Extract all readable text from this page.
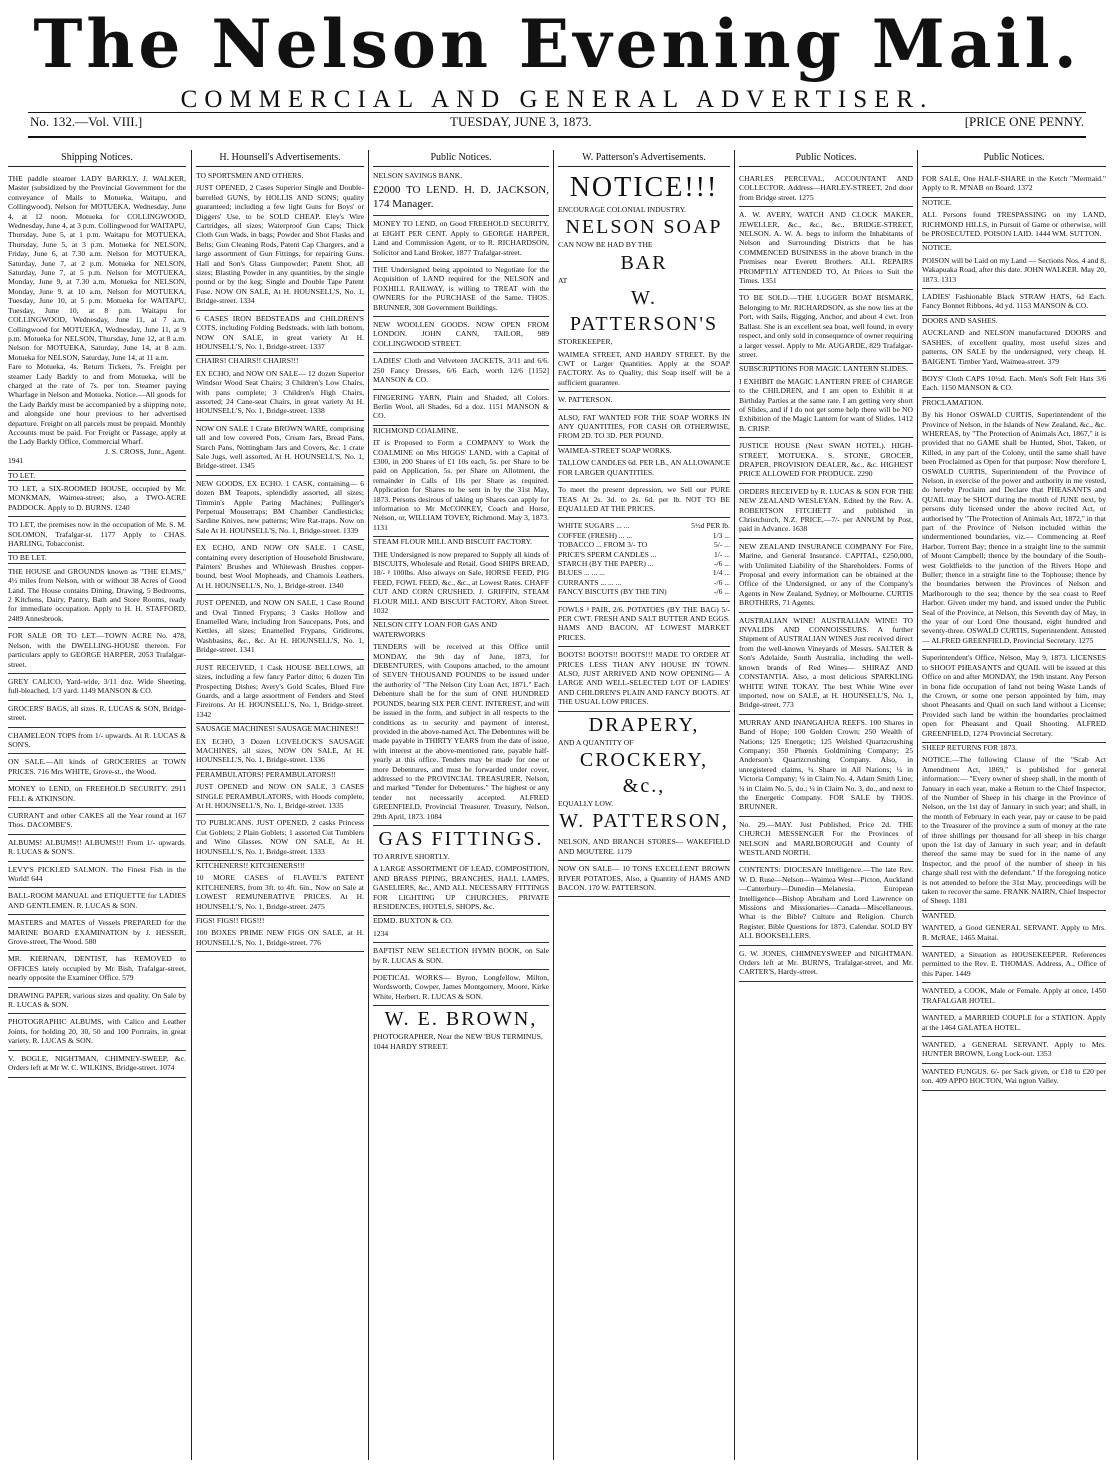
The Nelson Evening Mail.
COMMERCIAL AND GENERAL ADVERTISER.
No. 132.—Vol. VIII.]	TUESDAY, JUNE 3, 1873.	[PRICE ONE PENNY.
Shipping Notices.

THE paddle steamer LADY BARKLY, J. WALKER, Master (subsidized by the Provincial Government for the conveyance of Mails to Motueka, Waitapu, and Collingwood), Nelson for MOTUEKA, Wednesday, June 4, at 12 noon. Motueka for COLLINGWOOD, Wednesday, June 4, at 3 p.m. Collingwood for WAITAPU, Thursday, June 5, at 1 p.m. Waitapu for MOTUEKA, Thursday, June 5, at 3 p.m. Motueka for NELSON, Friday, June 6, at 7.30 a.m. Nelson for MOTUEKA, Saturday, June 7, at 2 p.m. Motueka for NELSON, Saturday, June 7, at 5 p.m. Nelson for MOTUEKA, Monday, June 9, at 7.30 a.m. Motueka for NELSON, Monday, June 9, at 10 a.m. Nelson for MOTUEKA, Tuesday, June 10, at 5 p.m. Motueka for WAITAPU, Tuesday, June 10, at 8 p.m. Waitapu for COLLINGWOOD, Wednesday, June 11, at 7 a.m. Collingwood for MOTUEKA, Wednesday, June 11, at 9 p.m. Motueka for NELSON, Thursday, June 12, at 8 a.m. Nelson for MOTUEKA, Saturday, June 14, at 8 a.m. Motueka for NELSON, Saturday, June 14, at 11 a.m.

Fare to Motueka, 4s. Return Tickets, 7s. Freight per steamer Lady Barkly to and from Motueka, will be charged at the rate of 7s. per ton. Steamer paying Wharfage in Nelson and Motueka. Notice.—All goods for the Lady Barkly must be accompanied by a shipping note, and alongside one hour previous to her advertised departure. Freight on all parcels must be prepaid. Monthly Accounts must be paid. For Freight or Passage, apply at the Lady Barkly Office, Commercial Wharf.

J. S. CROSS, Junr., Agent.

1941

TO LET.
TO LET, a SIX-ROOMED HOUSE, occupied by Mr. MONKMAN, Waimea-street; also, a TWO-ACRE PADDOCK. Apply to D. BURNS. 1240
TO LET, the premises now in the occupation of Mr. S. M. SOLOMON, Trafalgar-st. 1177 Apply to CHAS. HARLING, Tobacconist.
TO BE LET.
THE HOUSE and GROUNDS known as "THE ELMS," 4½ miles from Nelson, with or without 38 Acres of Good Land. The House contains Dining, Drawing, 5 Bedrooms, 2 Kitchens, Dairy, Pantry, Bath and Store Rooms, ready for immediate occupation. Apply to H. H. STAFFORD, 2489 Annesbrook.
FOR SALE OR TO LET.—TOWN ACRE No. 478, Nelson, with the DWELLING-HOUSE thereon. For particulars apply to GEORGE HARPER, 2053 Trafalgar-street.
GREY CALICO, Yard-wide, 3/11 doz. Wide Sheeting, full-bleached, 1/3 yard. 1149 MANSON & CO.
GROCERS' BAGS, all sizes. R. LUCAS & SON, Bridge-street.
CHAMELEON TOPS from 1/- upwards. At R. LUCAS & SON'S.
ON SALE.—All kinds of GROCERIES at TOWN PRICES. 716 Mrs WHITE, Grove-st., the Wood.
MONEY to LEND, on FREEHOLD SECURITY. 2911 FELL & ATKINSON.
CURRANT and other CAKES all the Year round at 167 Thos. DACOMBE'S.
ALBUMS! ALBUMS!! ALBUMS!!! From 1/- upwards. R. LUCAS & SON'S.
LEVY'S PICKLED SALMON. The Finest Fish in the World! 644
BALL-ROOM MANUAL and ETIQUETTE for LADIES AND GENTLEMEN. R. LUCAS & SON.
MASTERS and MATES of Vessels PREPARED for the MARINE BOARD EXAMINATION by J. HESSER, Grove-street, The Wood. 580
MR. KIERNAN, DENTIST, has REMOVED to OFFICES lately occupied by Mr Bish, Trafalgar-street, nearly opposite the Examiner Office. 579
DRAWING PAPER, various sizes and quality. On Sale by R. LUCAS & SON.
PHOTOGRAPHIC ALBUMS, with Calico and Leather Joints, for holding 20, 30, 50 and 100 Portraits, in great variety. R. LUCAS & SON.
V. BOGLE, NIGHTMAN, CHIMNEY-SWEEP, &c. Orders left at Mr W. C. WILKINS, Bridge-street. 1074
H. Hounsell's Advertisements.
TO SPORTSMEN AND OTHERS.
JUST OPENED, 2 Cases Superior Single and Double-barrelled GUNS, by HOLLIS AND SONS; quality guaranteed; including a few light Guns for Boys' or Diggers' Use, to be SOLD CHEAP. Eley's Wire Cartridges, all sizes; Waterproof Gun Caps; Thick Cloth Gun Wads, in bags; Powder and Shot Flasks and Belts; Gun Cleaning Rods, Patent Cap Chargers, and a large assortment of Gun Fittings, for repairing Guns. Hall and Son's Glass Gunpowder; Patent Shot, all sizes; Blasting Powder in any quantities, by the single pound or by the keg; Single and Double Tape Patent Fuse. NOW ON SALE, At H. HOUNSELL'S, No. 1, Bridge-street. 1334
6 CASES IRON BEDSTEADS and CHILDREN'S COTS, including Folding Bedsteads, with lath bottom, NOW ON SALE, in great variety At H. HOUNSELL'S, No. 1, Bridge-street. 1337
CHAIRS! CHAIRS!! CHAIRS!!!
EX ECHO, and NOW ON SALE— 12 dozen Superior Windsor Wood Seat Chairs; 3 Children's Low Chairs, with pans complete; 3 Children's High Chairs, assorted; 24 Cane-seat Chairs, in great variety At H. HOUNSELL'S, No. 1, Bridge-street. 1338
NOW ON SALE 1 Crate BROWN WARE, comprising tall and low covered Pots, Cream Jars, Bread Pans, Starch Pans, Nottingham Jars and Covers, &c. 1 crate Sale Jugs, well assorted, At H. HOUNSELL'S, No. 1, Bridge-street. 1345
NEW GOODS, EX ECHO. 1 CASK, containing— 6 dozen BM Teapots, splendidly assorted, all sizes; Timmin's Apple Paring Machines; Pullinger's Perpetual Mousetraps; BM Chamber Candlesticks; Sardine Knives, new patterns; Wire Rat-traps. Now on Sale At H. HOUNSELL'S, No. 1, Bridge-street. 1339
EX ECHO, AND NOW ON SALE. 1 CASE, containing every description of Household Brushware, Painters' Brushes and Whitewash Brushes copper-bound, best Wool Mopheads, and Chamois Leathers. At H. HOUNSELL'S, No. 1, Bridge-street. 1340
JUST OPENED, and NOW ON SALE, 1 Case Round and Oval Tinned Frypans; 3 Casks Hollow and Enamelled Ware, including Iron Saucepans, Pots, and Kettles, all sizes; Enamelled Frypans, Gridirons, Washbasins, &c., &c. At H. HOUNSELL'S, No. 1, Bridge-street. 1341
JUST RECEIVED, 1 Cask HOUSE BELLOWS, all sizes, including a few fancy Parlor ditto; 6 dozen Tin Prospecting Dishes; Avery's Gold Scales, Blued Fire Guards, and a large assortment of Fenders and Steel Fireirons. At H. HOUNSELL'S, No. 1, Bridge-street. 1342
SAUSAGE MACHINES! SAUSAGE MACHINES!!
EX ECHO, 3 Dozen LOVELOCK'S SAUSAGE MACHINES, all sizes, NOW ON SALE, At H. HOUNSELL'S, No. 1, Bridge-street. 1336
PERAMBULATORS! PERAMBULATORS!!
JUST OPENED and NOW ON SALE, 3 CASES SINGLE PERAMBULATORS, with Hoods complete, At H. HOUNSELL'S, No. 1, Bridge-street. 1335
TO PUBLICANS. JUST OPENED, 2 casks Princess Cut Goblets; 2 Plain Goblets; 1 assorted Cut Tumblers and Wine Glasses. NOW ON SALE, At H. HOUNSELL'S, No. 1, Bridge-street. 1333
KITCHENERS!! KITCHENERS!!!
10 MORE CASES of FLAVEL'S PATENT KITCHENERS, from 3ft. to 4ft. 6in., Now on Sale at LOWEST REMUNERATIVE PRICES. At H. HOUNSELL'S, No. 1, Bridge-street. 2475
FIGS! FIGS!! FIGS!!!
100 BOXES PRIME NEW FIGS ON SALE, at H. HOUNSELL'S, No. 1, Bridge-street. 776
Public Notices.
NELSON SAVINGS BANK.
£2000 TO LEND. H. D. JACKSON, 174 Manager.
MONEY TO LEND, on Good FREEHOLD SECURITY, at EIGHT PER CENT. Apply to GEORGE HARPER, Land and Commission Agent, or to R. RICHARDSON, Solicitor and Land Broker, 1877 Trafalgar-street.
THE Undersigned being appointed to Negotiate for the Acquisition of LAND required for the NELSON and FOXHILL RAILWAY, is willing to TREAT with the OWNERS for the PURCHASE of the Same. THOS. BRUNNER, 308 Government Buildings.
NEW WOOLLEN GOODS. NOW OPEN FROM LONDON. JOHN CANN, TAILOR, 989 COLLINGWOOD STREET.
LADIES' Cloth and Velveteen JACKETS, 3/11 and 6/6. 250 Fancy Dresses, 6/6 Each, worth 12/6 [1152] MANSON & CO.
FINGERING YARN, Plain and Shaded, all Colors. Berlin Wool, all Shades, 6d a doz. 1151 MANSON & CO.
RICHMOND COALMINE.
IT is Proposed to Form a COMPANY to Work the COALMINE on Mrs HIGGS' LAND, with a Capital of £300, in 200 Shares of £1 10s each, 5s. per Share to be paid on Application, 5s. per Share on Allotment, the remainder in Calls of 10s per Share as required. Application for Shares to be sent in by the 31st May, 1873. Persons desirous of taking up Shares can apply for information to Mr McCONKEY, Coach and Horse, Nelson, or, WILLIAM TOVEY, Richmond. May 3, 1873. 1131
STEAM FLOUR MILL AND BISCUIT FACTORY.
THE Undersigned is now prepared to Supply all kinds of BISCUITS, Wholesale and Retail. Good SHIPS BREAD, 18/- ᵖ 100lbs. Also always on Sale, HORSE FEED, PIG FEED, FOWL FEED, &c., &c., at Lowest Rates. CHAFF CUT AND CORN CRUSHED. J. GRIFFIN, STEAM FLOUR MILL AND BISCUIT FACTORY, Alton Street. 1032
NELSON CITY LOAN FOR GAS AND WATERWORKS
TENDERS will be received at this Office until MONDAY, the 9th day of June, 1873, for DEBENTURES, with Coupons attached, to the amount of SEVEN THOUSAND POUNDS to be issued under the authority of "The Nelson City Loan Act, 1871." Each Debenture shall be for the sum of ONE HUNDRED POUNDS, bearing SIX PER CENT. INTEREST, and will be issued in the form, and subject in all respects to the conditions as to security and payment of interest, provided in the above-named Act. The Debentures will be made payable in THIRTY YEARS from the date of issue, with interest at the above-mentioned rate, payable half-yearly at this office. Tenders may be made for one or more Debentures, and must be forwarded under cover, addressed to the PROVINCIAL TREASURER, Nelson, and marked "Tender for Debentures." The highest or any tender not necessarily accepted. ALFRED GREENFIELD, Provincial Treasurer. Treasury, Nelson, 29th April, 1873. 1084
GAS FITTINGS.
TO ARRIVE SHORTLY.
A LARGE ASSORTMENT OF LEAD, COMPOSITION, AND BRASS PIPING, BRANCHES, HALL LAMPS, GASELIERS, &c., AND ALL NECESSARY FITTINGS FOR LIGHTING UP CHURCHES, PRIVATE RESIDENCES, HOTELS, SHOPS, &c.
EDMD. BUXTON & CO.
1234
BAPTIST NEW SELECTION HYMN BOOK, on Sale by R. LUCAS & SON.
POETICAL WORKS— Byron, Longfellow, Milton, Wordsworth, Cowper, James Montgomery, Moore, Kirke White, Herbert. R. LUCAS & SON.
W. E. BROWN,
PHOTOGRAPHER, Near the NEW 'BUS TERMINUS, 1044 HARDY STREET.
W. Patterson's Advertisements.
NOTICE!!!
ENCOURAGE COLONIAL INDUSTRY.
NELSON SOAP
CAN NOW BE HAD BY THE
BAR
AT
W. PATTERSON'S
STOREKEEPER,
WAIMEA STREET, AND HARDY STREET. By the CWT or Larger Quantities. Apply at the SOAP FACTORY. As to Quality, this Soap itself will be a sufficient guarantee.
W. PATTERSON.
ALSO, FAT WANTED FOR THE SOAP WORKS IN ANY QUANTITIES, FOR CASH OR OTHERWISE, FROM 2D. TO 3D. PER POUND.
WAIMEA-STREET SOAP WORKS.
TALLOW CANDLES 6d. PER LB., AN ALLOWANCE FOR LARGER QUANTITIES.
To meet the present depression, we Sell our PURE TEAS At 2s. 3d. to 2s. 6d. per lb. NOT TO BE EQUALLED AT THE PRICES.
WHITE SUGARS ... ...	5½d PER lb.
COFFEE (FRESH) ... ...	1/3 ...
TOBACCO ... FROM 3/- TO	5/- ...
PRICE'S SPERM CANDLES ...	1/- ...
STARCH (BY THE PAPER) ...	-/6 ...
BLUES ... ... ...	1/4 ...
CURRANTS ... ... ...	-/6 ...
FANCY BISCUITS (BY THE TIN)	-/6 ...
FOWLS ᵖ PAIR, 2/6. POTATOES (BY THE BAG) 5/- PER CWT. FRESH AND SALT BUTTER AND EGGS. HAMS AND BACON, AT LOWEST MARKET PRICES.
BOOTS! BOOTS!! BOOTS!!! MADE TO ORDER AT PRICES LESS THAN ANY HOUSE IN TOWN. ALSO, JUST ARRIVED AND NOW OPENING— A LARGE AND WELL-SELECTED LOT OF LADIES' AND CHILDREN'S PLAIN AND FANCY BOOTS. AT THE USUAL LOW PRICES.
DRAPERY,
AND A QUANTITY OF
CROCKERY, &c.,
EQUALLY LOW.
W. PATTERSON,
NELSON, AND BRANCH STORES— WAKEFIELD AND MOUTERE. 1179
NOW ON SALE— 10 TONS EXCELLENT BROWN RIVER POTATOES, Also, a Quantity of HAMS AND BACON. 170 W. PATTERSON.
Public Notices.
CHARLES PERCEVAL, ACCOUNTANT AND COLLECTOR. Address—HARLEY-STREET, 2nd door from Bridge street. 1275
A. W. AVERY, WATCH AND CLOCK MAKER, JEWELLER, &c., &c., &c., BRIDGE-STREET, NELSON. A. W. A. begs to inform the Inhabitants of Nelson and Surrounding Districts that he has COMMENCED BUSINESS in the above branch in the Premises near Everett Brothers. ALL REPAIRS PROMPTLY ATTENDED TO, At Prices to Suit the Times. 1351
TO BE SOLD.—THE LUGGER BOAT BISMARK, Belonging to Mr. RICHARDSON, as she now lies at the Port, with Sails, Rigging, Anchor, and about 4 cwt. Iron Ballast. She is an excellent sea boat, well found, in every respect, and only sold in consequence of owner requiring a larger vessel. Apply to Mr. AUGARDE, 829 Trafalgar-street.
SUBSCRIPTIONS FOR MAGIC LANTERN SLIDES.
I EXHIBIT the MAGIC LANTERN FREE of CHARGE to the CHILDREN, and I am open to Exhibit it at Birthday Parties at the same rate. I am getting very short of Slides, and if I do not get some help there will be NO Exhibition of the Magic Lantern for want of Slides. 1412 B. CRISP.
JUSTICE HOUSE (Next SWAN HOTEL). HIGH-STREET, MOTUEKA. S. STONE, GROCER, DRAPER, PROVISION DEALER, &c., &c. HIGHEST PRICE ALLOWED FOR PRODUCE. 2290
ORDERS RECEIVED by R. LUCAS & SON FOR THE NEW ZEALAND WESLEYAN. Edited by the Rev. A. ROBERTSON FITCHETT and published in Christchurch, N.Z. PRICE,—7/- per ANNUM by Post, paid in Advance. 1638
NEW ZEALAND INSURANCE COMPANY For Fire, Marine, and General Insurance. CAPITAL, £250,000, with Unlimited Liability of the Shareholders. Forms of Proposal and every information can be obtained at the Office of the Undersigned, or any of the Company's Agents in New Zealand, Sydney, or Melbourne. CURTIS BROTHERS, 71 Agents.
AUSTRALIAN WINE! AUSTRALIAN WINE! TO INVALIDS AND CONNOISSEURS. A further Shipment of AUSTRALIAN WINES Just received direct from the well-known Vineyards of Messrs. SALTER & Son's Adelaide, South Australia, including the well-known brands of Red Wines— SHIRAZ AND CONSTANTIA. Also, a most delicious SPARKLING WHITE WINE TOKAY. The best White Wine ever imported, now on SALE, at H. HOUNSELL'S, No. 1, Bridge-street. 773
MURRAY AND INANGAHUA REEFS. 100 Shares in Band of Hope; 100 Golden Crown; 250 Wealth of Nations; 125 Energetic; 125 Welshed Quartzcrushing Company; 350 Phœnix Goldmining Company; 25 Anderson's Quartzcrushing Company. Also, in unregistered claims, ¼ Share in All Nations; ¼ in Victoria Company; ¼ in Claim No. 4, Adam Smith Line; ¼ in Claim No. 5, do.; ¼ in Claim No. 3, do., and next to the Energetic Company. FOR SALE by THOS. BRUNNER.
No. 29.—MAY. Just Published, Price 2d. THE CHURCH MESSENGER For the Provinces of NELSON and MARLBOROUGH and County of WESTLAND NORTH.
CONTENTS: DIOCESAN Intelligence.—The late Rev. W. D. Ruse—Nelson—Waimea West—Picton, Auckland—Canterbury—Dunedin—Melanesia. European Intelligence—Bishop Abraham and Lord Lawrence on Missions and Missionaries—Canada—Miscellaneous. What is the Bible? Culture and Religion. Church Register. Bible Questions for 1873. Calendar. SOLD BY ALL BOOKSELLERS.
G. W. JONES, CHIMNEYSWEEP and NIGHTMAN. Orders left at Mr. BURN'S, Trafalgar-street, and Mr. CARTER'S, Hardy-street.
Public Notices.
FOR SALE, One HALF-SHARE in the Ketch "Mermaid." Apply to R. M'NAB on Board. 1372
NOTICE.
ALL Persons found TRESPASSING on my LAND, RICHMOND HILLS, in Pursuit of Game or otherwise, will be PROSECUTED. POISON LAID. 1444 WM. SUTTON.
NOTICE.
POISON will be Laid on my Land — Sections Nos. 4 and 8, Wakapuaka Road, after this date. JOHN WALKER. May 20, 1873. 1313
LADIES' Fashionable Black STRAW HATS, 6d Each. Fancy Bonnet Ribbons, 4d yd. 1153 MANSON & CO.
DOORS AND SASHES.
AUCKLAND and NELSON manufactured DOORS and SASHES, of excellent quality, most useful sizes and patterns, ON SALE by the undersigned, very cheap. H. BAIGENT. Timber Yard, Waimea-street. 379
BOYS' Cloth CAPS 10½d. Each. Men's Soft Felt Hats 3/6 Each. 1150 MANSON & CO.
PROCLAMATION.
By his Honor OSWALD CURTIS, Superintendent of the Province of Nelson, in the Islands of New Zealand, &c., &c. WHEREAS, by "The Protection of Animals Act, 1867," it is provided that no GAME shall be Hunted, Shot, Taken, or Killed, in any part of the Colony, until the same shall have been Proclaimed as Open for that purpose: Now therefore I, OSWALD CURTIS, Superintendent of the Province of Nelson, in exercise of the power and authority in me vested, do hereby Proclaim and Declare that PHEASANTS and QUAIL may be SHOT during the month of JUNE next, by persons duly licensed under the above recited Act, or authorised by "The Protection of Animals Act, 1872," in that part of the Province of Nelson included within the undermentioned boundaries, viz.— Commencing at Reef Harbor, Torrent Bay; thence in a straight line to the summit of Mount Campbell; thence by the boundary of the South-west Goldfields to the junction of the Rivers Hope and Buller; thence in a straight line to the Tophouse; thence by the boundaries between the Provinces of Nelson and Marlborough to the sea; thence by the sea coast to Reef Harbor. Given under my hand, and issued under the Public Seal of the Province, at Nelson, this Seventh day of May, in the year of our Lord One thousand, eight hundred and seventy-three. OSWALD CURTIS, Superintendent. Attested— ALFRED GREENFIELD, Provincial Secretary. 1275
Superintendent's Office, Nelson, May 9, 1873. LICENSES to SHOOT PHEASANTS and QUAIL will be issued at this Office on and after MONDAY, the 19th instant. Any Person in bona fide occupation of land not being Waste Lands of the Crown, or some one person appointed by him, may shoot Pheasants and Quail on such land without a License; Provided such land be within the boundaries proclaimed open for Pheasant and Quail Shooting. ALFRED GREENFIELD, 1274 Provincial Secretary.
SHEEP RETURNS FOR 1873.
NOTICE.—The following Clause of the "Scab Act Amendment Act, 1869," is published for general information:— "Every owner of sheep shall, in the month of January in each year, make a Return to the Chief Inspector, of the Number of Sheep in his charge in the Province of Nelson, on the 1st day of January in such year; and shall, in the month of February in each year, pay or cause to be paid to the Treasurer of the province a sum of money at the rate of three shillings per thousand for all sheep in his charge upon the 1st day of January in such year; and in default thereof the same may be sued for in the name of any Inspector, and the proof of the number of sheep in his charge shall rest with the defendant." If the foregoing notice is not attended to before the 31st May, proceedings will be taken to recover the same. FRANK NAIRN, Chief Inspector of Sheep. 1181
WANTED.
WANTED, a Good GENERAL SERVANT. Apply to Mrs. R. McRAE, 1465 Maitai.
WANTED, a Situation as HOUSEKEEPER. References permitted to the Rev. E. THOMAS. Address, A., Office of this Paper. 1449
WANTED, a COOK, Male or Female. Apply at once, 1450 TRAFALGAR HOTEL.
WANTED, a MARRIED COUPLE for a STATION. Apply at the 1464 GALATEA HOTEL.
WANTED, a GENERAL SERVANT. Apply to Mrs. HUNTER BROWN, Long Lock-out. 1353
WANTED FUNGUS. 6/- per Sack given, or £18 to £20 per ton. 409 APPO HOCTON, Wai ngton Valley.
